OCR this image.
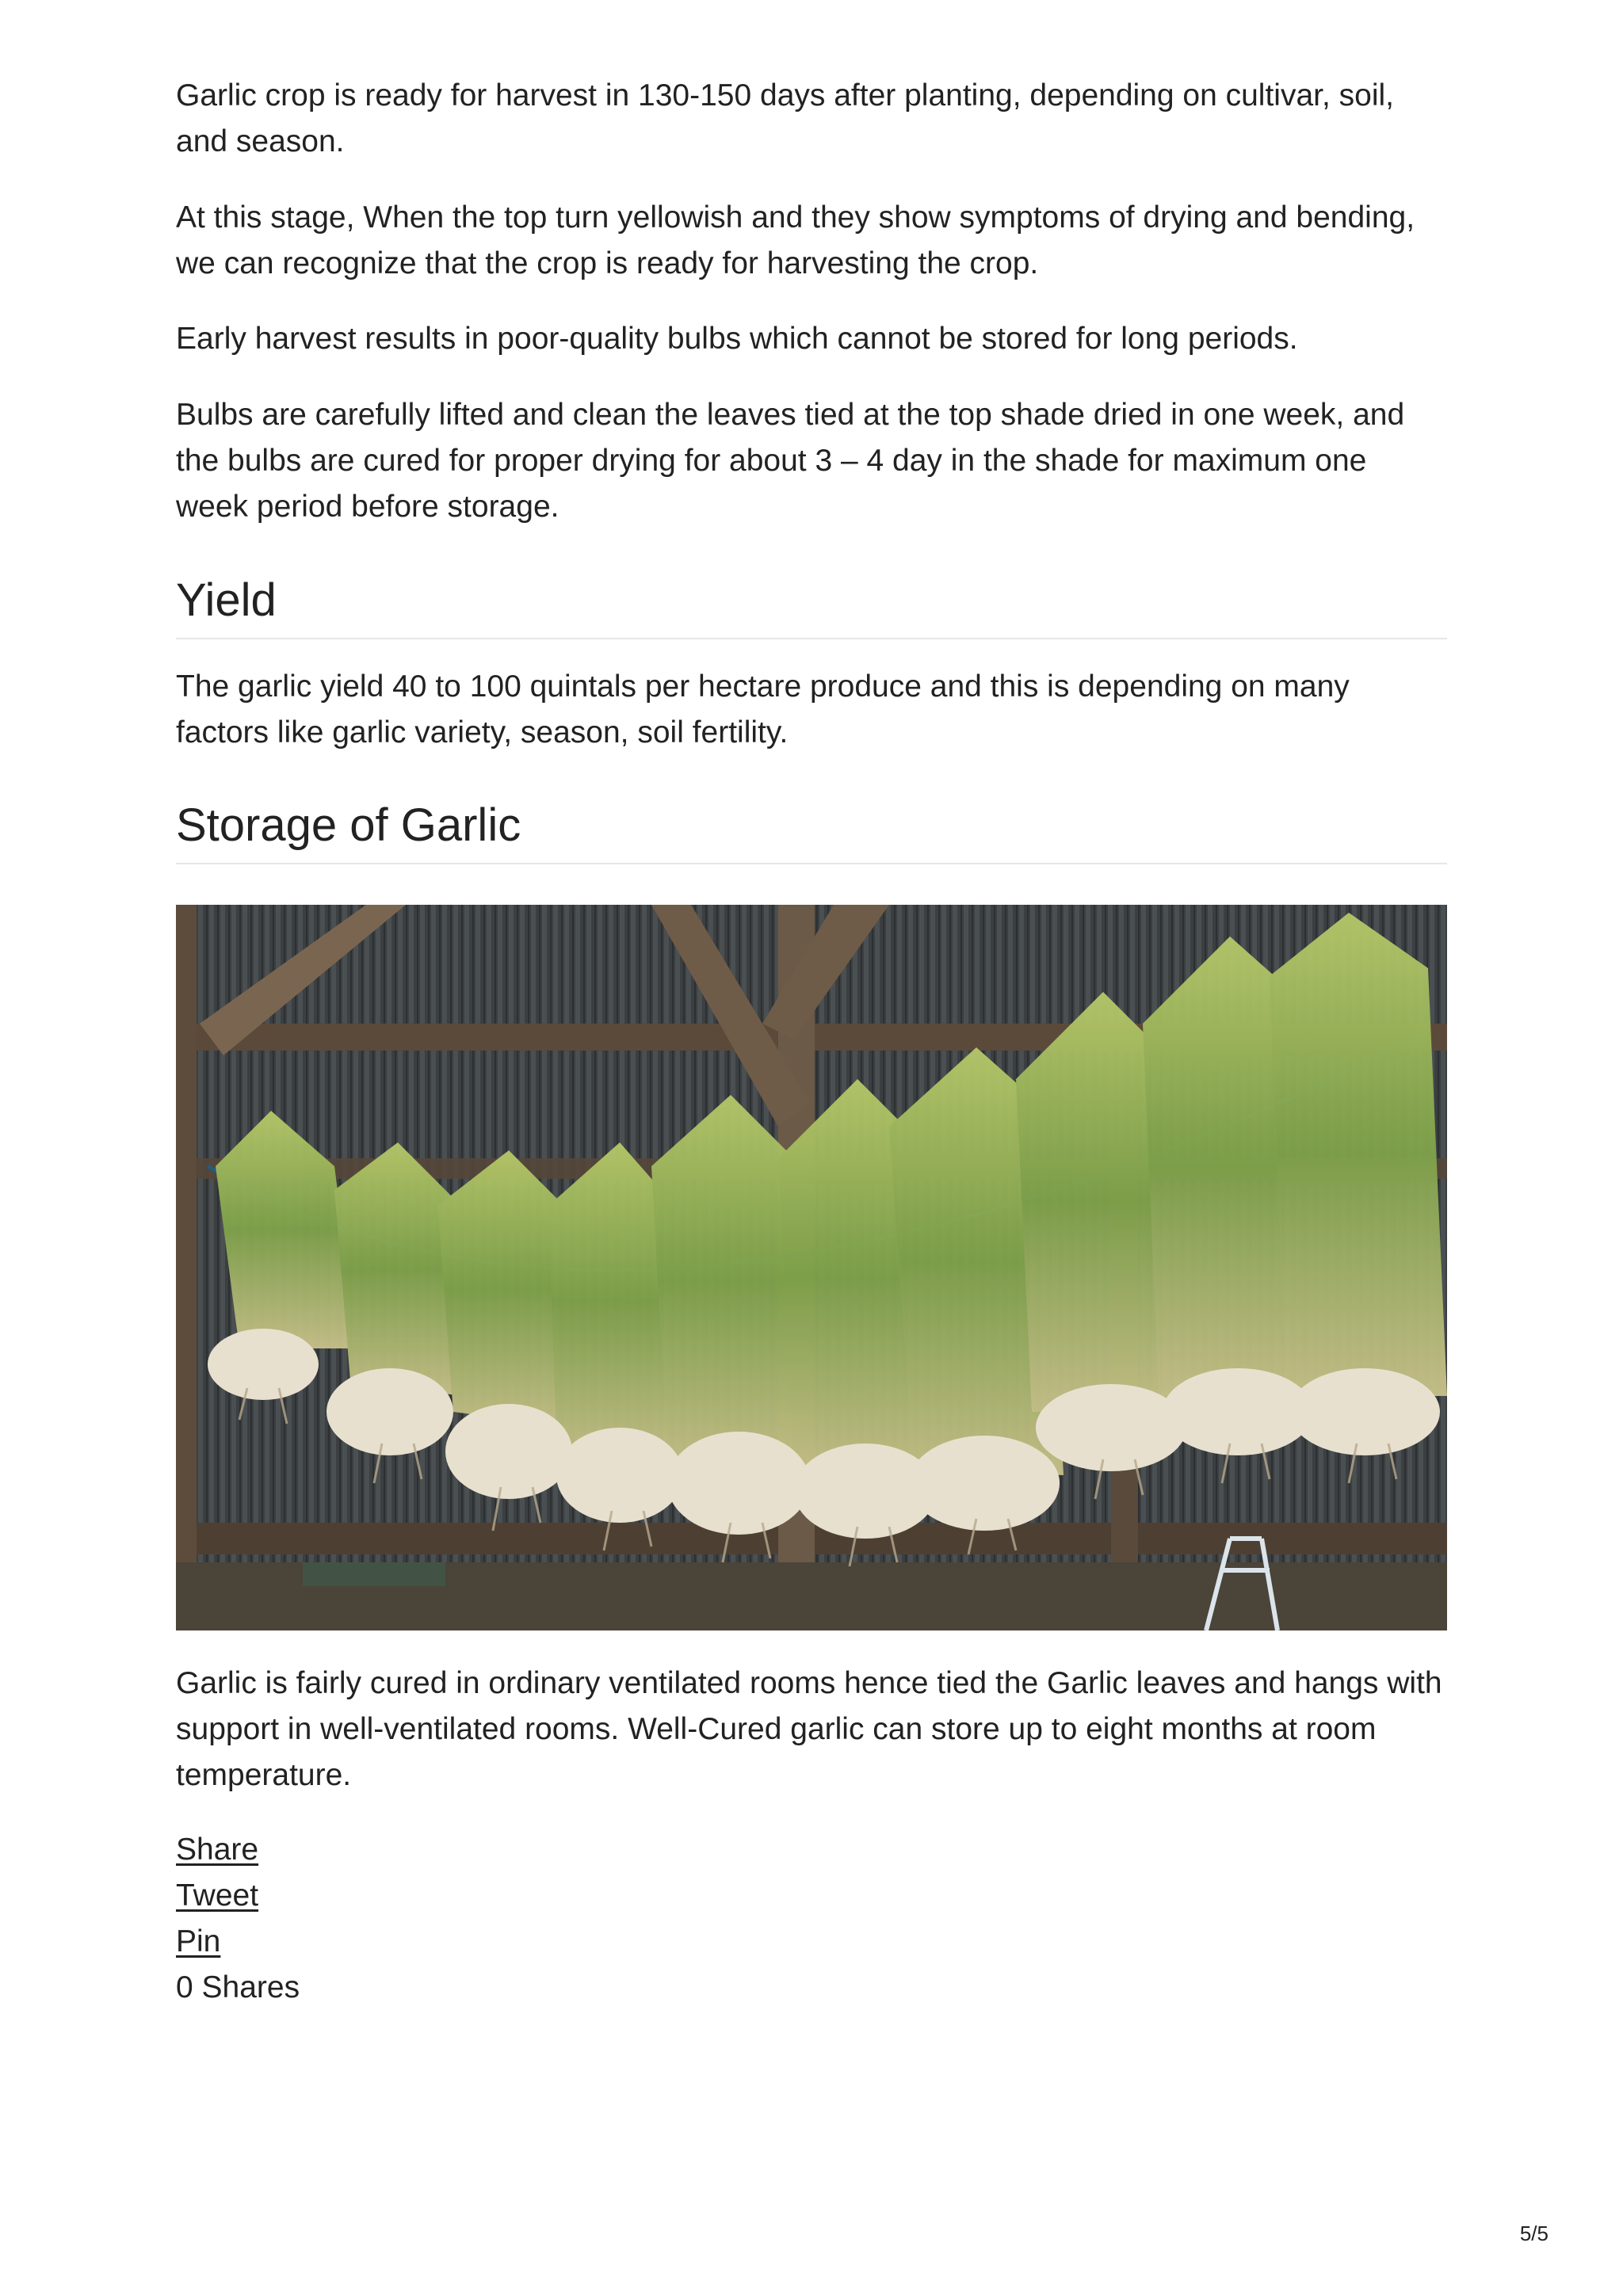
Garlic crop is ready for harvest in 130-150 days after planting, depending on cultivar, soil, and season.

At this stage, When the top turn yellowish and they show symptoms of drying and bending, we can recognize that the crop is ready for harvesting the crop.

Early harvest results in poor-quality bulbs which cannot be stored for long periods.

Bulbs are carefully lifted and clean the leaves tied at the top shade dried in one week, and the bulbs are cured for proper drying for about 3 – 4 day in the shade for maximum one week period before storage.

Yield

The garlic yield 40 to 100 quintals per hectare produce and this is depending on many factors like garlic variety, season, soil fertility.

Storage of Garlic

Garlic is fairly cured in ordinary ventilated rooms hence tied the Garlic leaves and hangs with support in well-ventilated rooms. Well-Cured garlic can store up to eight months at room temperature.

Share
Tweet
Pin
0 Shares
5/5
